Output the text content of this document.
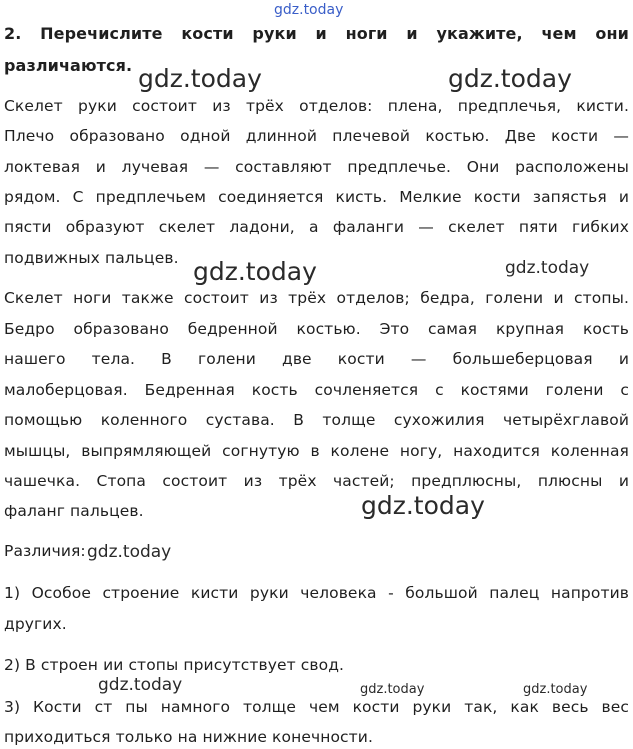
gdz.today
2. Перечислите кости руки и ноги и укажите, чем они
различаются. gdz.today	gdz.today
Скелет руки состоит из трёх отделов: плена, предплечья, кисти.
Плечо образовано одной длинной плечевой костью. Две кости —
локтевая и лучевая — составляют предплечье. Они расположены
рядом. С предплечьем соединяется кисть. Мелкие кости запястья и
пясти образуют скелет ладони, а фаланги — скелет пяти гибких
подвижных пальцев. gdz.today	gdz.today
Скелет ноги также состоит из трёх отделов; бедра, голени и стопы.
Бедро образовано бедренной костью. Это самая крупная кость
нашего тела. В голени две кости — большеберцовая и
малоберцовая. Бедренная кость сочленяется с костями голени с
помощью коленного сустава. В толще сухожилия четырёхглавой
мышцы, выпрямляющей согнутую в колене ногу, находится коленная
чашечка. Стопа состоит из трёх частей; предплюсны, плюсны и
фаланг пальцев.	gdz.today
Различия: gdz.today
1) Особое строение кисти руки человека - большой палец напротив
других.
2) В строен ии стопы присутствует свод.
3) Кости ст пы намного толще чем кости руки так, как весь вес
приходиться только на нижние конечности.
gdz.today	gdz.today	gdz.today
